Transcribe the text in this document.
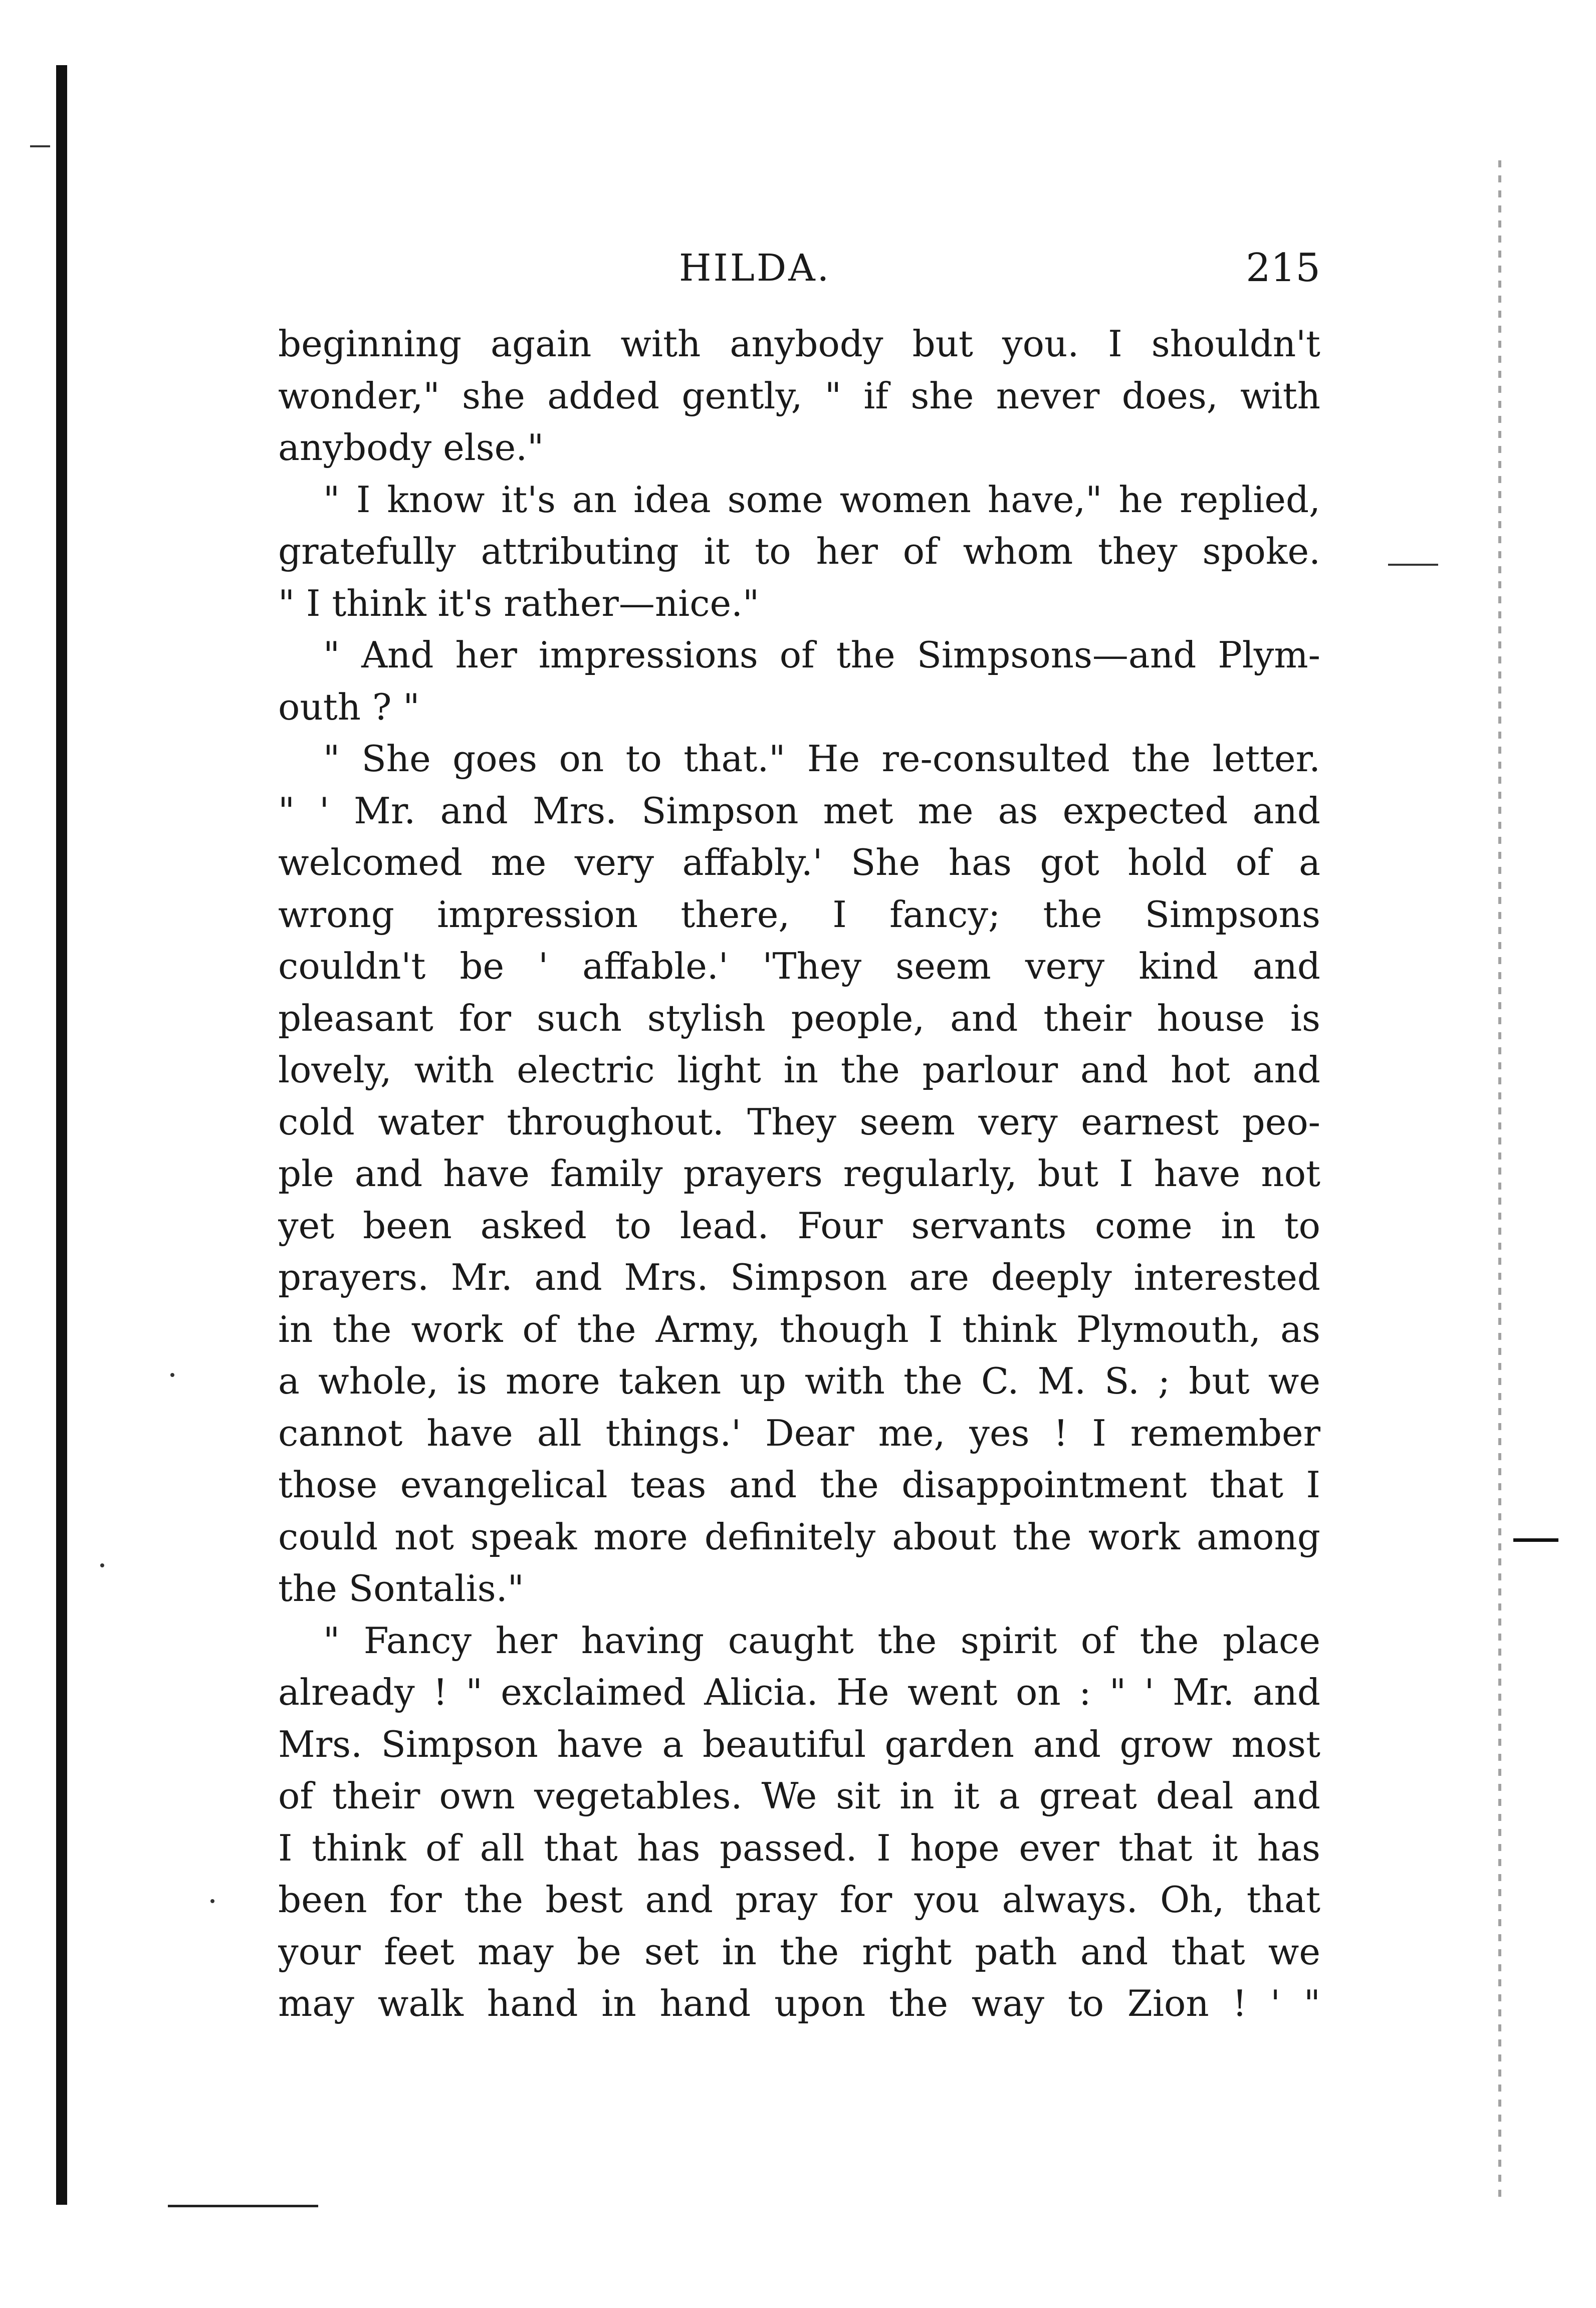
HILDA.	215
beginning again with anybody but you. I shouldn't
wonder," she added gently, " if she never does, with
anybody else."
" I know it's an idea some women have," he replied,
gratefully attributing it to her of whom they spoke.
" I think it's rather—nice."
" And her impressions of the Simpsons—and Plym-
outh ? "
" She goes on to that." He re-consulted the letter.
" ' Mr. and Mrs. Simpson met me as expected and
welcomed me very affably.' She has got hold of a
wrong impression there, I fancy; the Simpsons
couldn't be ' affable.' 'They seem very kind and
pleasant for such stylish people, and their house is
lovely, with electric light in the parlour and hot and
cold water throughout. They seem very earnest peo-
ple and have family prayers regularly, but I have not
yet been asked to lead. Four servants come in to
prayers. Mr. and Mrs. Simpson are deeply interested
in the work of the Army, though I think Plymouth, as
a whole, is more taken up with the C. M. S. ; but we
cannot have all things.' Dear me, yes ! I remember
those evangelical teas and the disappointment that I
could not speak more definitely about the work among
the Sontalis."
" Fancy her having caught the spirit of the place
already ! " exclaimed Alicia. He went on : " ' Mr. and
Mrs. Simpson have a beautiful garden and grow most
of their own vegetables. We sit in it a great deal and
I think of all that has passed. I hope ever that it has
been for the best and pray for you always. Oh, that
your feet may be set in the right path and that we
may walk hand in hand upon the way to Zion ! ' "
